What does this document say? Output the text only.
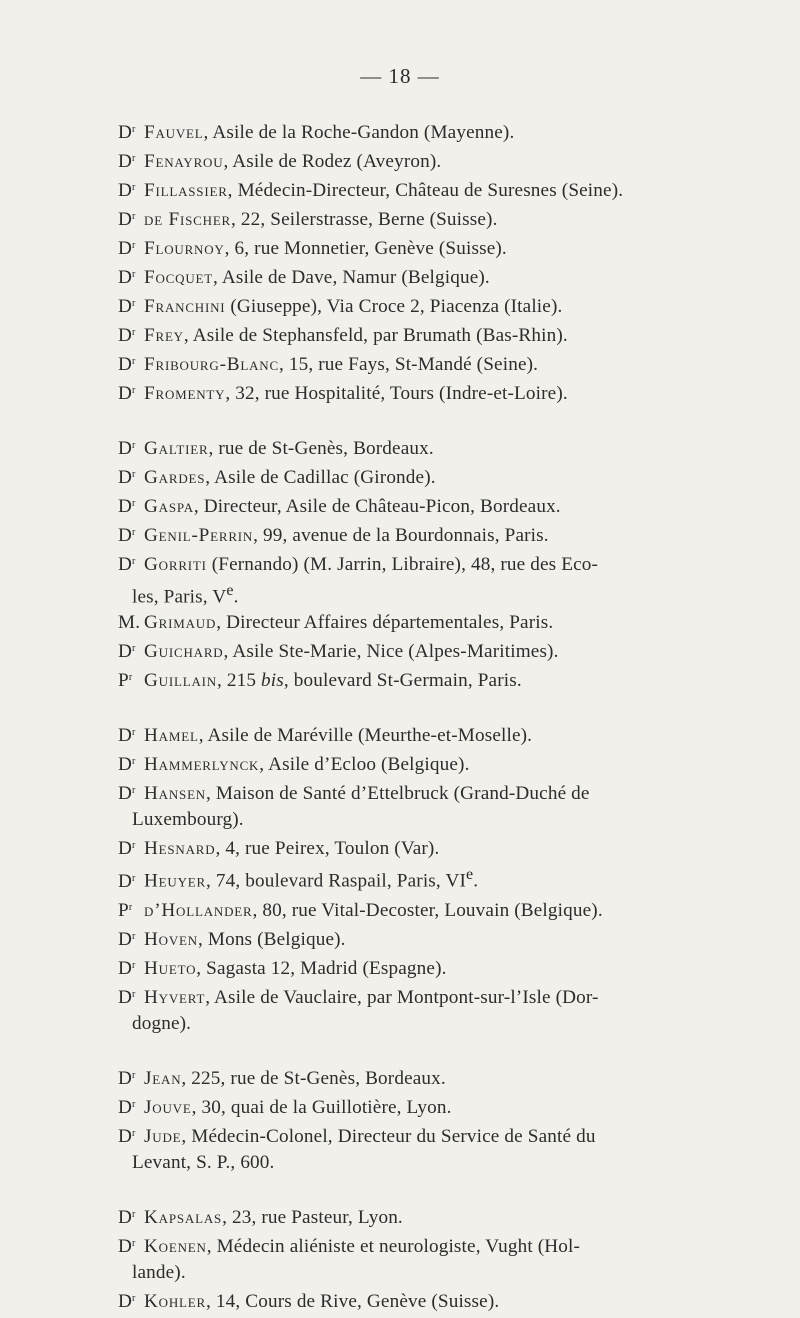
— 18 —
$D^r$ Fauvel, Asile de la Roche-Gandon (Mayenne).
$D^r$ Fenayrou, Asile de Rodez (Aveyron).
$D^r$ Fillassier, Médecin-Directeur, Château de Suresnes (Seine).
$D^r$ de Fischer, 22, Seilerstrasse, Berne (Suisse).
$D^r$ Flournoy, 6, rue Monnetier, Genève (Suisse).
$D^r$ Focquet, Asile de Dave, Namur (Belgique).
$D^r$ Franchini (Giuseppe), Via Croce 2, Piacenza (Italie).
$D^r$ Frey, Asile de Stephansfeld, par Brumath (Bas-Rhin).
$D^r$ Fribourg-Blanc, 15, rue Fays, St-Mandé (Seine).
$D^r$ Fromenty, 32, rue Hospitalité, Tours (Indre-et-Loire).
$D^r$ Galtier, rue de St-Genès, Bordeaux.
$D^r$ Gardes, Asile de Cadillac (Gironde).
$D^r$ Gaspa, Directeur, Asile de Château-Picon, Bordeaux.
$D^r$ Genil-Perrin, 99, avenue de la Bourdonnais, Paris.
$D^r$ Gorriti (Fernando) (M. Jarrin, Libraire), 48, rue des Eco-
les, Paris, Ve.
M. Grimaud, Directeur Affaires départementales, Paris.
$D^r$ Guichard, Asile Ste-Marie, Nice (Alpes-Maritimes).
$P^r$ Guillain, 215 bis, boulevard St-Germain, Paris.
$D^r$ Hamel, Asile de Maréville (Meurthe-et-Moselle).
$D^r$ Hammerlynck, Asile d’Ecloo (Belgique).
$D^r$ Hansen, Maison de Santé d’Ettelbruck (Grand-Duché de
Luxembourg).
$D^r$ Hesnard, 4, rue Peirex, Toulon (Var).
$D^r$ Heuyer, 74, boulevard Raspail, Paris, VIe.
$P^r$ d’Hollander, 80, rue Vital-Decoster, Louvain (Belgique).
$D^r$ Hoven, Mons (Belgique).
$D^r$ Hueto, Sagasta 12, Madrid (Espagne).
$D^r$ Hyvert, Asile de Vauclaire, par Montpont-sur-l’Isle (Dor-
dogne).
$D^r$ Jean, 225, rue de St-Genès, Bordeaux.
$D^r$ Jouve, 30, quai de la Guillotière, Lyon.
$D^r$ Jude, Médecin-Colonel, Directeur du Service de Santé du
Levant, S. P., 600.
$D^r$ Kapsalas, 23, rue Pasteur, Lyon.
$D^r$ Koenen, Médecin aliéniste et neurologiste, Vught (Hol-
lande).
$D^r$ Kohler, 14, Cours de Rive, Genève (Suisse).
